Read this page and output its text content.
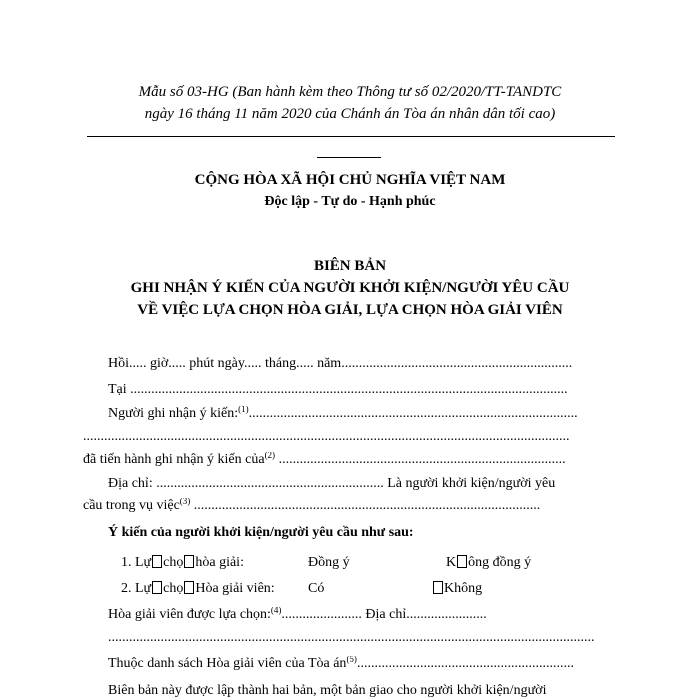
Mẫu số 03-HG (Ban hành kèm theo Thông tư số 02/2020/TT-TANDTC
ngày 16 tháng 11 năm 2020 của Chánh án Tòa án nhân dân tối cao)
CỘNG HÒA XÃ HỘI CHỦ NGHĨA VIỆT NAM
Độc lập - Tự do - Hạnh phúc
BIÊN BẢN
GHI NHẬN Ý KIẾN CỦA NGƯỜI KHỞI KIỆN/NGƯỜI YÊU CẦU
VỀ VIỆC LỰA CHỌN HÒA GIẢI, LỰA CHỌN HÒA GIẢI VIÊN
Hồi..... giờ..... phút ngày..... tháng..... năm..................................................................
Tại .............................................................................................................................
Người ghi nhận ý kiến:$^{(1)}$..............................................................................................
...........................................................................................................................................
đã tiến hành ghi nhận ý kiến của$^{(2)}$ ..................................................................................
Địa chỉ: ................................................................. Là người khởi kiện/người yêu
cầu trong vụ việc$^{(3)}$ ...................................................................................................
Ý kiến của người khởi kiện/người yêu cầu như sau:
1. Lự chọ hòa giải:	Đồng ý	K ông đồng ý
2. Lự chọ Hòa giải viên: Có	Không
Hòa giải viên được lựa chọn:$^{(4)}$....................... Địa chỉ.......................
...........................................................................................................................................
Thuộc danh sách Hòa giải viên của Tòa $án^{(5)}$..............................................................
Biên bản này được lập thành hai bản, một bản giao cho người khởi kiện/người
